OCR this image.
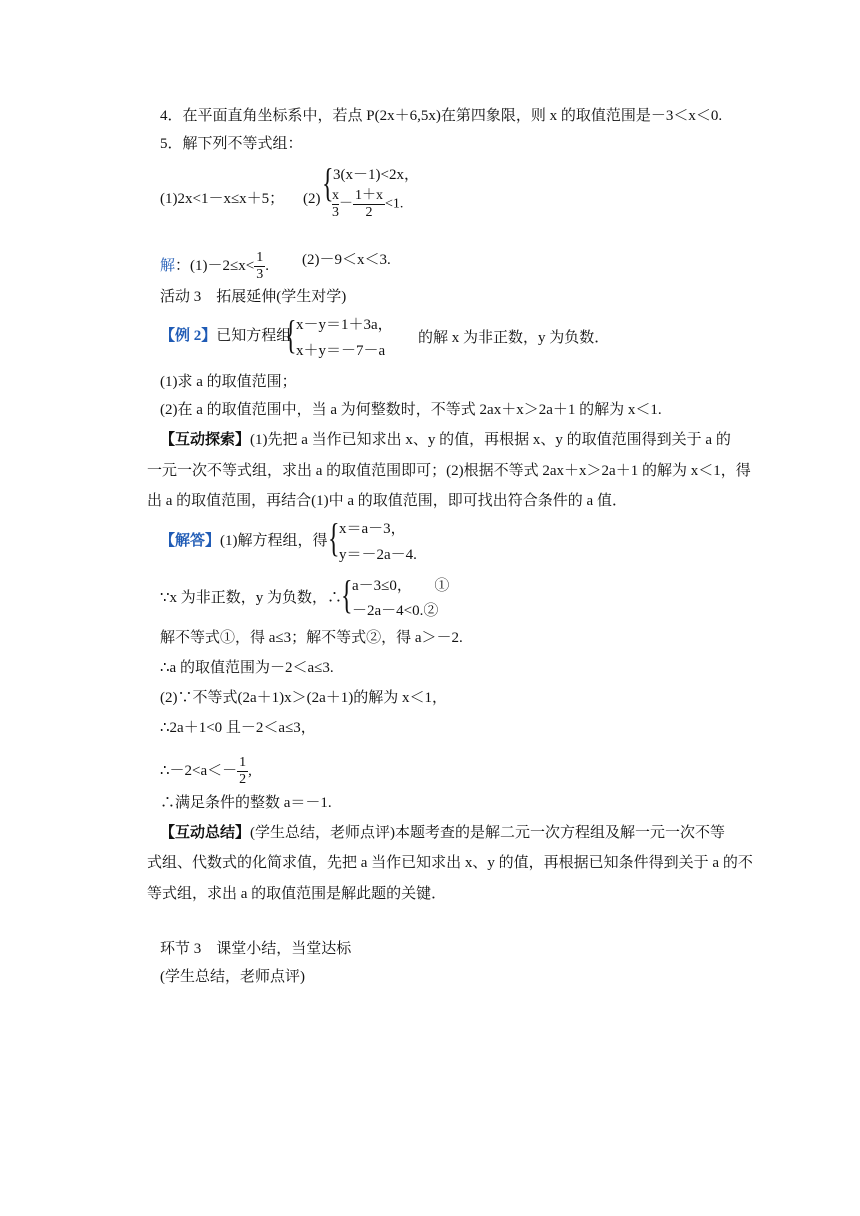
4．在平面直角坐标系中，若点 P(2x＋6,5x)在第四象限，则 x 的取值范围是－3＜x＜0.
5．解下列不等式组：
(1)2x<1－x≤x＋5； (2) { 3(x－1)<2x，
$\frac{x}{3} - \frac{1+x}{2} <1$.
解：$(1)-2\le x< \frac{1}{3}$ . (2)－9＜x＜3.
活动 3　拓展延伸(学生对学)
【例 2】已知方程组
{ x－y＝1＋3a，
x＋y＝－7－a
的解 x 为非正数，y 为负数．
(1)求 a 的取值范围；
(2)在 a 的取值范围中，当 a 为何整数时，不等式 2ax＋x＞2a＋1 的解为 x＜1.
【互动探索】(1)先把 a 当作已知求出 x、y 的值，再根据 x、y 的取值范围得到关于 a 的
一元一次不等式组，求出 a 的取值范围即可；(2)根据不等式 2ax＋x＞2a＋1 的解为 x＜1，得
出 a 的取值范围，再结合(1)中 a 的取值范围，即可找出符合条件的 a 值．
【解答】(1)解方程组，得 { x＝a－3，
y＝－2a－4.
∵x 为非正数，y 为负数，∴
{ a－3≤0，　　①
－2a－4<0.②
解不等式①，得 a≤3；解不等式②，得 a＞－2.
∴a 的取值范围为－2＜a≤3.
(2)∵不等式(2a＋1)x＞(2a＋1)的解为 x＜1，
∴2a＋1<0 且－2＜a≤3，
∴－2<a＜－ $\frac{1}{2}$ ,
∴满足条件的整数 a＝－1.
【互动总结】(学生总结，老师点评)本题考查的是解二元一次方程组及解一元一次不等
式组、代数式的化简求值，先把 a 当作已知求出 x、y 的值，再根据已知条件得到关于 a 的不
等式组，求出 a 的取值范围是解此题的关键．
环节 3　课堂小结，当堂达标
(学生总结，老师点评)
